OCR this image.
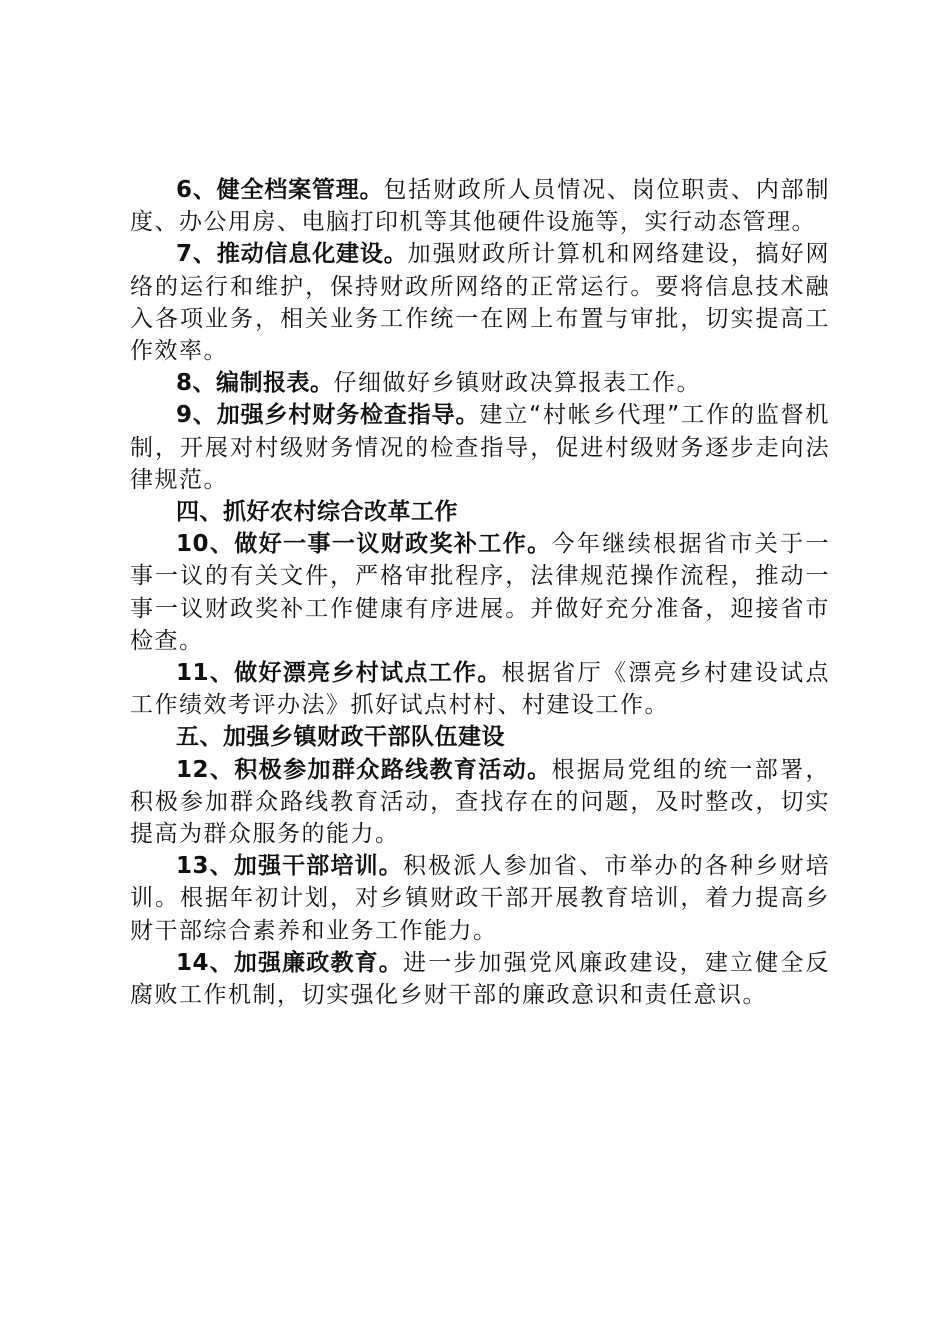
6、健全档案管理。包括财政所人员情况、岗位职责、内部制度、办公用房、电脑打印机等其他硬件设施等，实行动态管理。

7、推动信息化建设。加强财政所计算机和网络建设，搞好网络的运行和维护，保持财政所网络的正常运行。要将信息技术融入各项业务，相关业务工作统一在网上布置与审批，切实提高工作效率。

8、编制报表。仔细做好乡镇财政决算报表工作。

9、加强乡村财务检查指导。建立“村帐乡代理”工作的监督机制，开展对村级财务情况的检查指导，促进村级财务逐步走向法律规范。

四、抓好农村综合改革工作

10、做好一事一议财政奖补工作。今年继续根据省市关于一事一议的有关文件，严格审批程序，法律规范操作流程，推动一事一议财政奖补工作健康有序进展。并做好充分准备，迎接省市检查。

11、做好漂亮乡村试点工作。根据省厅《漂亮乡村建设试点工作绩效考评办法》抓好试点村村、村建设工作。

五、加强乡镇财政干部队伍建设

12、积极参加群众路线教育活动。根据局党组的统一部署，积极参加群众路线教育活动，查找存在的问题，及时整改，切实提高为群众服务的能力。

13、加强干部培训。积极派人参加省、市举办的各种乡财培训。根据年初计划，对乡镇财政干部开展教育培训，着力提高乡财干部综合素养和业务工作能力。

14、加强廉政教育。进一步加强党风廉政建设，建立健全反腐败工作机制，切实强化乡财干部的廉政意识和责任意识。
